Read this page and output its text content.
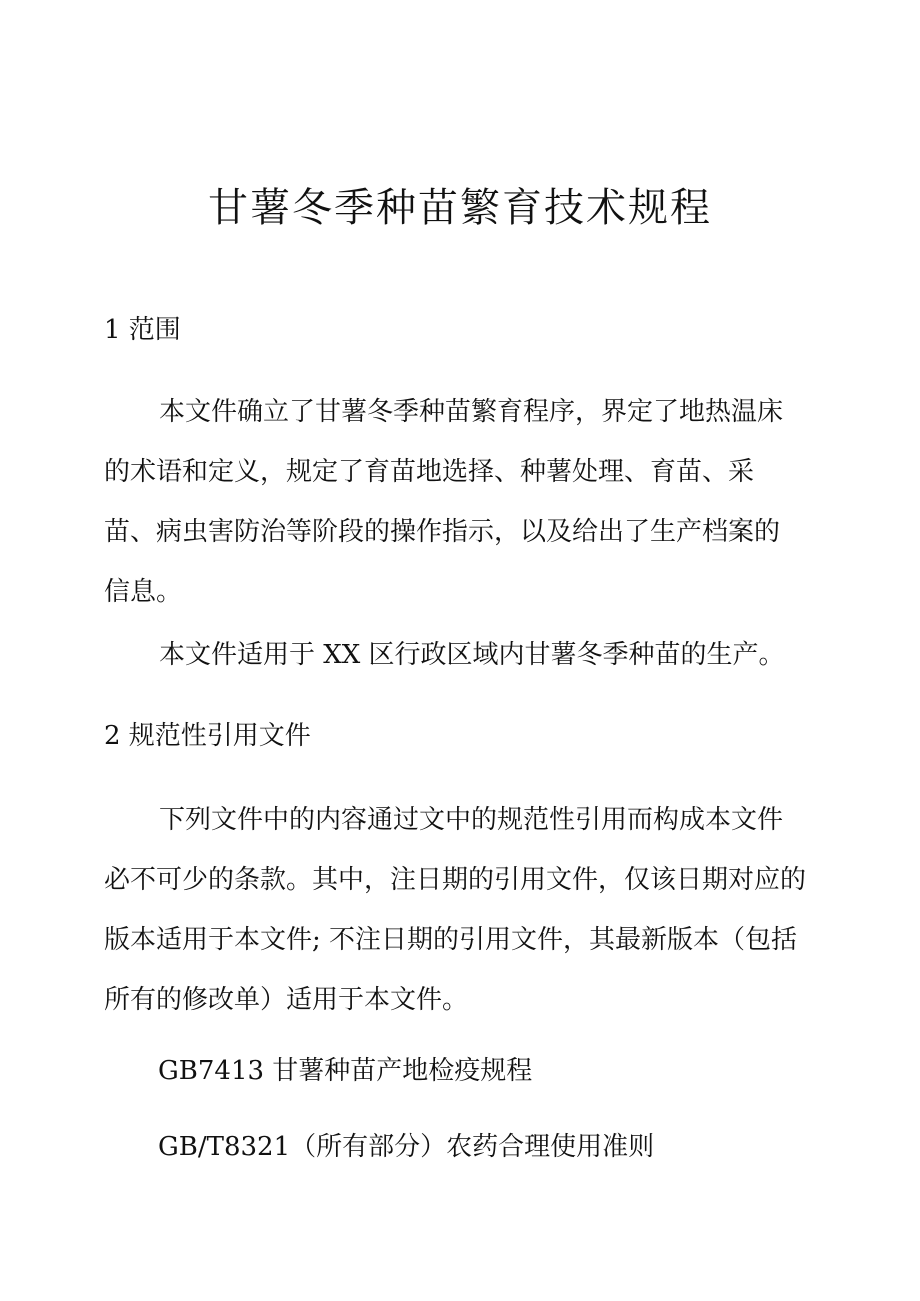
甘薯冬季种苗繁育技术规程
1 范围
本文件确立了甘薯冬季种苗繁育程序，界定了地热温床
的术语和定义，规定了育苗地选择、种薯处理、育苗、采
苗、病虫害防治等阶段的操作指示，以及给出了生产档案的
信息。
本文件适用于 XX 区行政区域内甘薯冬季种苗的生产。
2 规范性引用文件
下列文件中的内容通过文中的规范性引用而构成本文件
必不可少的条款。其中，注日期的引用文件，仅该日期对应的
版本适用于本文件; 不注日期的引用文件，其最新版本（包括
所有的修改单）适用于本文件。
GB7413 甘薯种苗产地检疫规程
GB/T8321（所有部分）农药合理使用准则
